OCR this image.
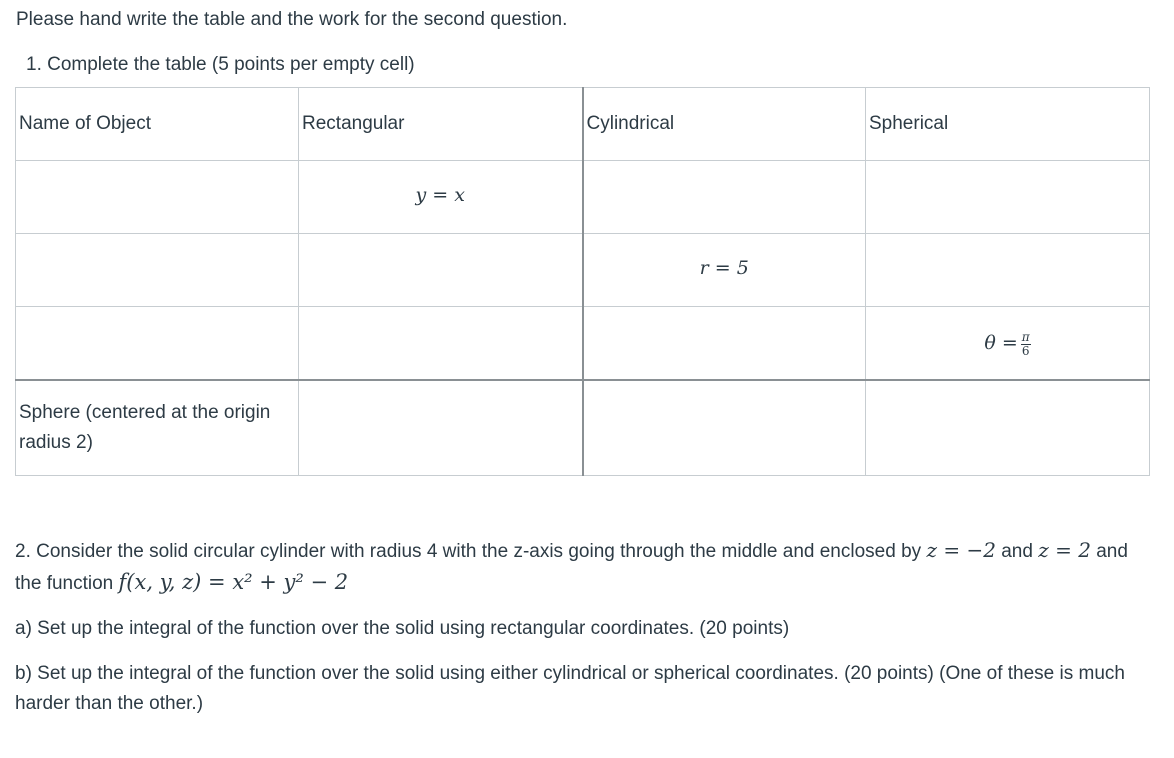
Please hand write the table and the work for the second question.
1. Complete the table (5 points per empty cell)
Name of Object	Rectangular	Cylindrical	Spherical
	y = x		
		r = 5	
			$\theta = \frac{\pi}{6}$

Sphere (centered at the origin radius 2)			

2. Consider the solid circular cylinder with radius 4 with the z-axis going through the middle and enclosed by z = −2 and z = 2 and the function f(x, y, z) = x² + y² − 2

a) Set up the integral of the function over the solid using rectangular coordinates. (20 points)

b) Set up the integral of the function over the solid using either cylindrical or spherical coordinates. (20 points) (One of these is much harder than the other.)
